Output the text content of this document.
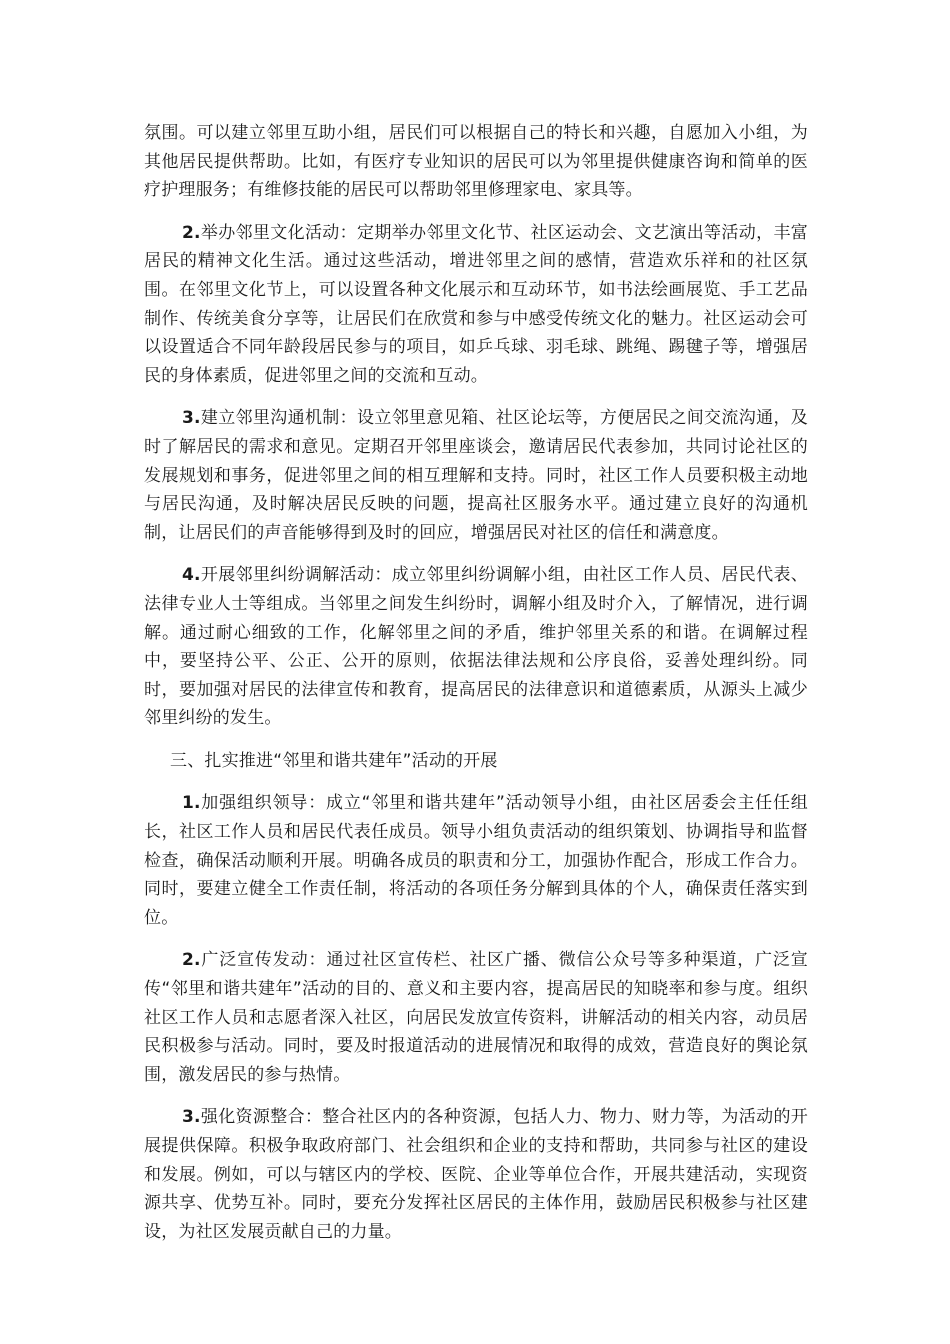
氛围。可以建立邻里互助小组，居民们可以根据自己的特长和兴趣，自愿加入小组，为其他居民提供帮助。比如，有医疗专业知识的居民可以为邻里提供健康咨询和简单的医疗护理服务；有维修技能的居民可以帮助邻里修理家电、家具等。

2.举办邻里文化活动：定期举办邻里文化节、社区运动会、文艺演出等活动，丰富居民的精神文化生活。通过这些活动，增进邻里之间的感情，营造欢乐祥和的社区氛围。在邻里文化节上，可以设置各种文化展示和互动环节，如书法绘画展览、手工艺品制作、传统美食分享等，让居民们在欣赏和参与中感受传统文化的魅力。社区运动会可以设置适合不同年龄段居民参与的项目，如乒乓球、羽毛球、跳绳、踢毽子等，增强居民的身体素质，促进邻里之间的交流和互动。

3.建立邻里沟通机制：设立邻里意见箱、社区论坛等，方便居民之间交流沟通，及时了解居民的需求和意见。定期召开邻里座谈会，邀请居民代表参加，共同讨论社区的发展规划和事务，促进邻里之间的相互理解和支持。同时，社区工作人员要积极主动地与居民沟通，及时解决居民反映的问题，提高社区服务水平。通过建立良好的沟通机制，让居民们的声音能够得到及时的回应，增强居民对社区的信任和满意度。

4.开展邻里纠纷调解活动：成立邻里纠纷调解小组，由社区工作人员、居民代表、法律专业人士等组成。当邻里之间发生纠纷时，调解小组及时介入，了解情况，进行调解。通过耐心细致的工作，化解邻里之间的矛盾，维护邻里关系的和谐。在调解过程中，要坚持公平、公正、公开的原则，依据法律法规和公序良俗，妥善处理纠纷。同时，要加强对居民的法律宣传和教育，提高居民的法律意识和道德素质，从源头上减少邻里纠纷的发生。

三、扎实推进“邻里和谐共建年”活动的开展

1.加强组织领导：成立“邻里和谐共建年”活动领导小组，由社区居委会主任任组长，社区工作人员和居民代表任成员。领导小组负责活动的组织策划、协调指导和监督检查，确保活动顺利开展。明确各成员的职责和分工，加强协作配合，形成工作合力。同时，要建立健全工作责任制，将活动的各项任务分解到具体的个人，确保责任落实到位。

2.广泛宣传发动：通过社区宣传栏、社区广播、微信公众号等多种渠道，广泛宣传“邻里和谐共建年”活动的目的、意义和主要内容，提高居民的知晓率和参与度。组织社区工作人员和志愿者深入社区，向居民发放宣传资料，讲解活动的相关内容，动员居民积极参与活动。同时，要及时报道活动的进展情况和取得的成效，营造良好的舆论氛围，激发居民的参与热情。

3.强化资源整合：整合社区内的各种资源，包括人力、物力、财力等，为活动的开展提供保障。积极争取政府部门、社会组织和企业的支持和帮助，共同参与社区的建设和发展。例如，可以与辖区内的学校、医院、企业等单位合作，开展共建活动，实现资源共享、优势互补。同时，要充分发挥社区居民的主体作用，鼓励居民积极参与社区建设，为社区发展贡献自己的力量。
